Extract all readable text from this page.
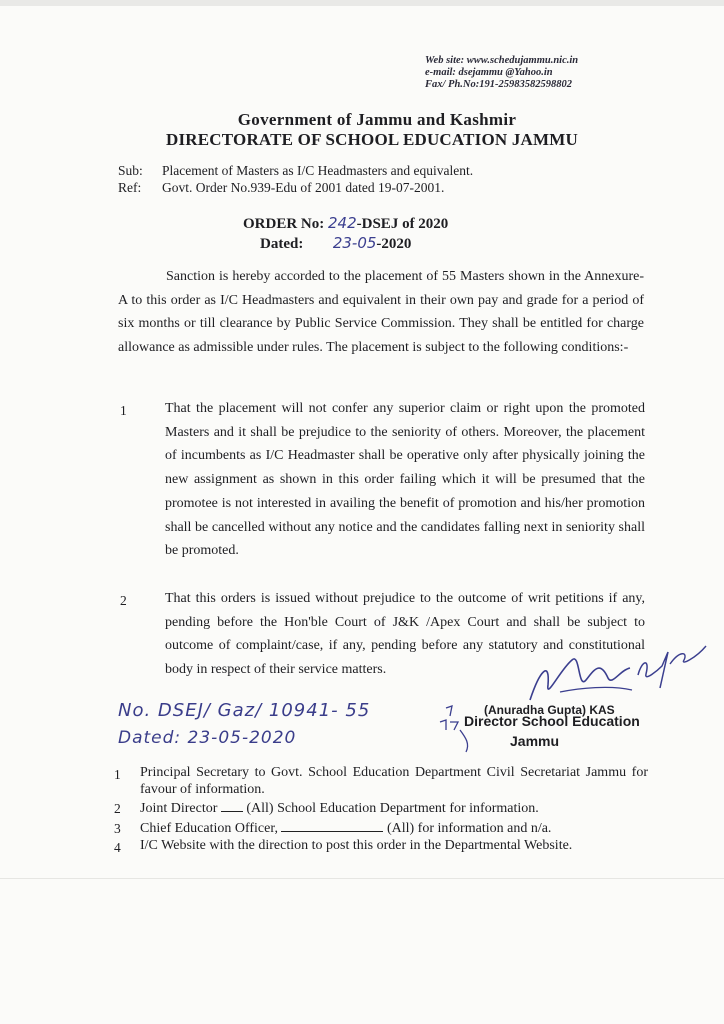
Web site: www.schedujammu.nic.in
e-mail: dsejammu @Yahoo.in
Fax/ Ph.No:191-25983582598802
Government of Jammu and Kashmir
DIRECTORATE OF SCHOOL EDUCATION JAMMU
Sub: Placement of Masters as I/C Headmasters and equivalent.
Ref: Govt. Order No.939-Edu of 2001 dated 19-07-2001.
ORDER No: 242-DSEJ of 2020
Dated: 23-05-2020
Sanction is hereby accorded to the placement of 55 Masters shown in the Annexure-A to this order as I/C Headmasters and equivalent in their own pay and grade for a period of six months or till clearance by Public Service Commission. They shall be entitled for charge allowance as admissible under rules. The placement is subject to the following conditions:-
1	That the placement will not confer any superior claim or right upon the promoted Masters and it shall be prejudice to the seniority of others. Moreover, the placement of incumbents as I/C Headmaster shall be operative only after physically joining the new assignment as shown in this order failing which it will be presumed that the promotee is not interested in availing the benefit of promotion and his/her promotion shall be cancelled without any notice and the candidates falling next in seniority shall be promoted.
2	That this orders is issued without prejudice to the outcome of writ petitions if any, pending before the Hon'ble Court of J&K /Apex Court and shall be subject to outcome of complaint/case, if any, pending before any statutory and constitutional body in respect of their service matters.
(Anuradha Gupta) KAS
Director School Education
Jammu
No. DSEJ/ Gaz/ 10941- 55
Dated: 23-05-2020
1 Principal Secretary to Govt. School Education Department Civil Secretariat Jammu for favour of information.
2 Joint Director (All) School Education Department for information.
3 Chief Education Officer,	(All) for information and n/a.
4 I/C Website with the direction to post this order in the Departmental Website.
